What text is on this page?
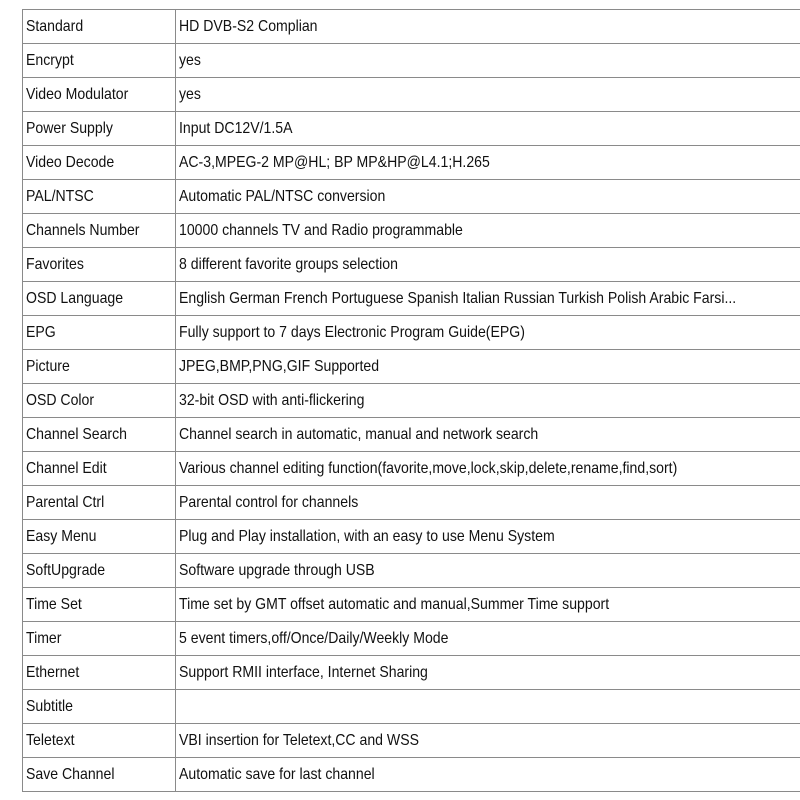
Standard	HD DVB-S2 Complian
Encrypt	yes
Video Modulator	yes
Power Supply	Input DC12V/1.5A
Video Decode	AC-3,MPEG-2 MP@HL; BP MP&HP@L4.1;H.265
PAL/NTSC	Automatic PAL/NTSC conversion
Channels Number	10000 channels TV and Radio programmable
Favorites	8 different favorite groups selection
OSD Language	English German French Portuguese Spanish Italian Russian Turkish Polish Arabic Farsi...
EPG	Fully support to 7 days Electronic Program Guide(EPG)
Picture	JPEG,BMP,PNG,GIF Supported
OSD Color	32-bit OSD with anti-flickering
Channel Search	Channel search in automatic, manual and network search
Channel Edit	Various channel editing function(favorite,move,lock,skip,delete,rename,find,sort)
Parental Ctrl	Parental control for channels
Easy Menu	Plug and Play installation, with an easy to use Menu System
SoftUpgrade	Software upgrade through USB
Time Set	Time set by GMT offset automatic and manual,Summer Time support
Timer	5 event timers,off/Once/Daily/Weekly Mode
Ethernet	Support RMII interface, Internet Sharing
Subtitle	
Teletext	VBI insertion for Teletext,CC and WSS
Save Channel	Automatic save for last channel
